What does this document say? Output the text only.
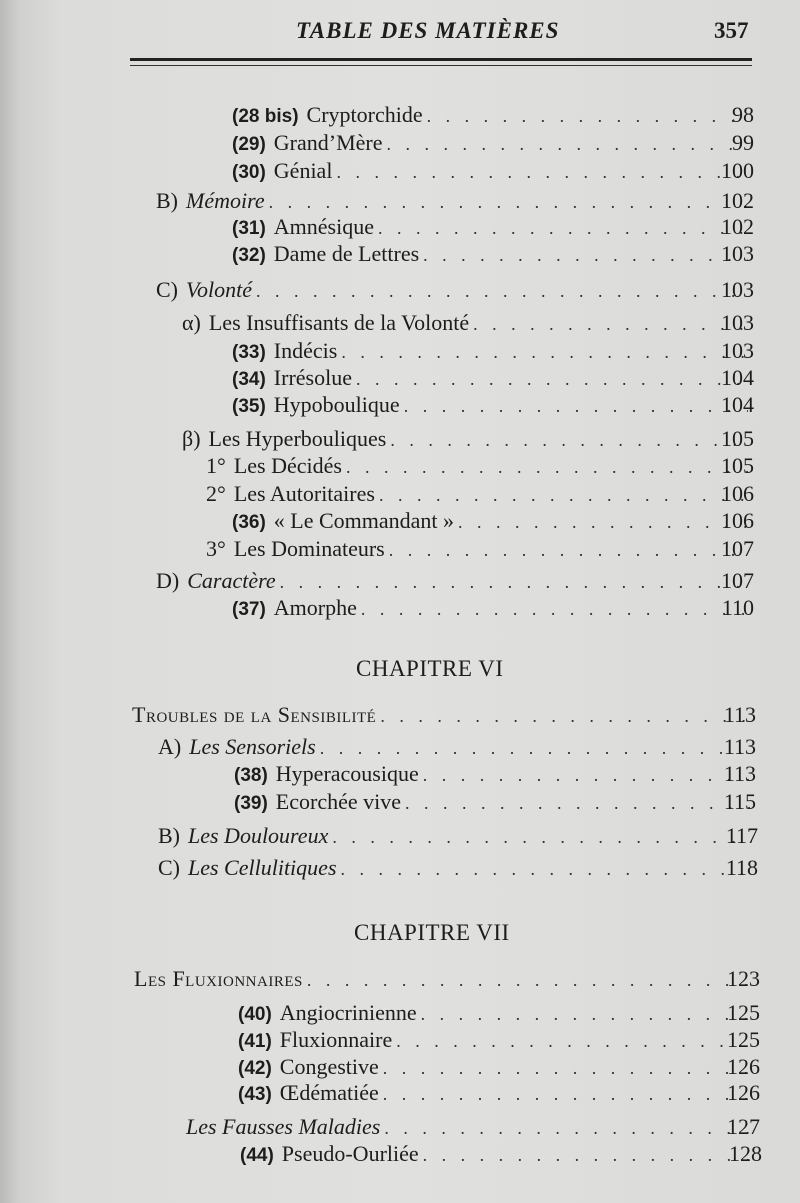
TABLE DES MATIÈRES	357
(28 bis) Cryptorchide . . .	98
(29) Grand’Mère . . .	99
(30) Génial . . .	100
B) Mémoire . . .	102
(31) Amnésique . . .	102
(32) Dame de Lettres . . .	103
C) Volonté . . .	103
α) Les Insuffisants de la Volonté . . .	103
(33) Indécis . . .	103
(34) Irrésolue . . .	104
(35) Hypoboulique . . .	104
β) Les Hyperbouliques . . .	105
1° Les Décidés . . .	105
2° Les Autoritaires . . .	106
(36) « Le Commandant » . . .	106
3° Les Dominateurs . . .	107
D) Caractère . . .	107
(37) Amorphe . . .	110
CHAPITRE VI
Troubles de la Sensibilité . . .	113
A) Les Sensoriels . . .	113
(38) Hyperacousique . . .	113
(39) Ecorchée vive . . .	115
B) Les Douloureux . . .	117
C) Les Cellulitiques . . .	118
CHAPITRE VII
Les Fluxionnaires . . .	123
(40) Angiocrinienne . . .	125
(41) Fluxionnaire . . .	125
(42) Congestive . . .	126
(43) Œdématiée . . .	126
Les Fausses Maladies . . .	127
(44) Pseudo-Ourliée . . .	128
